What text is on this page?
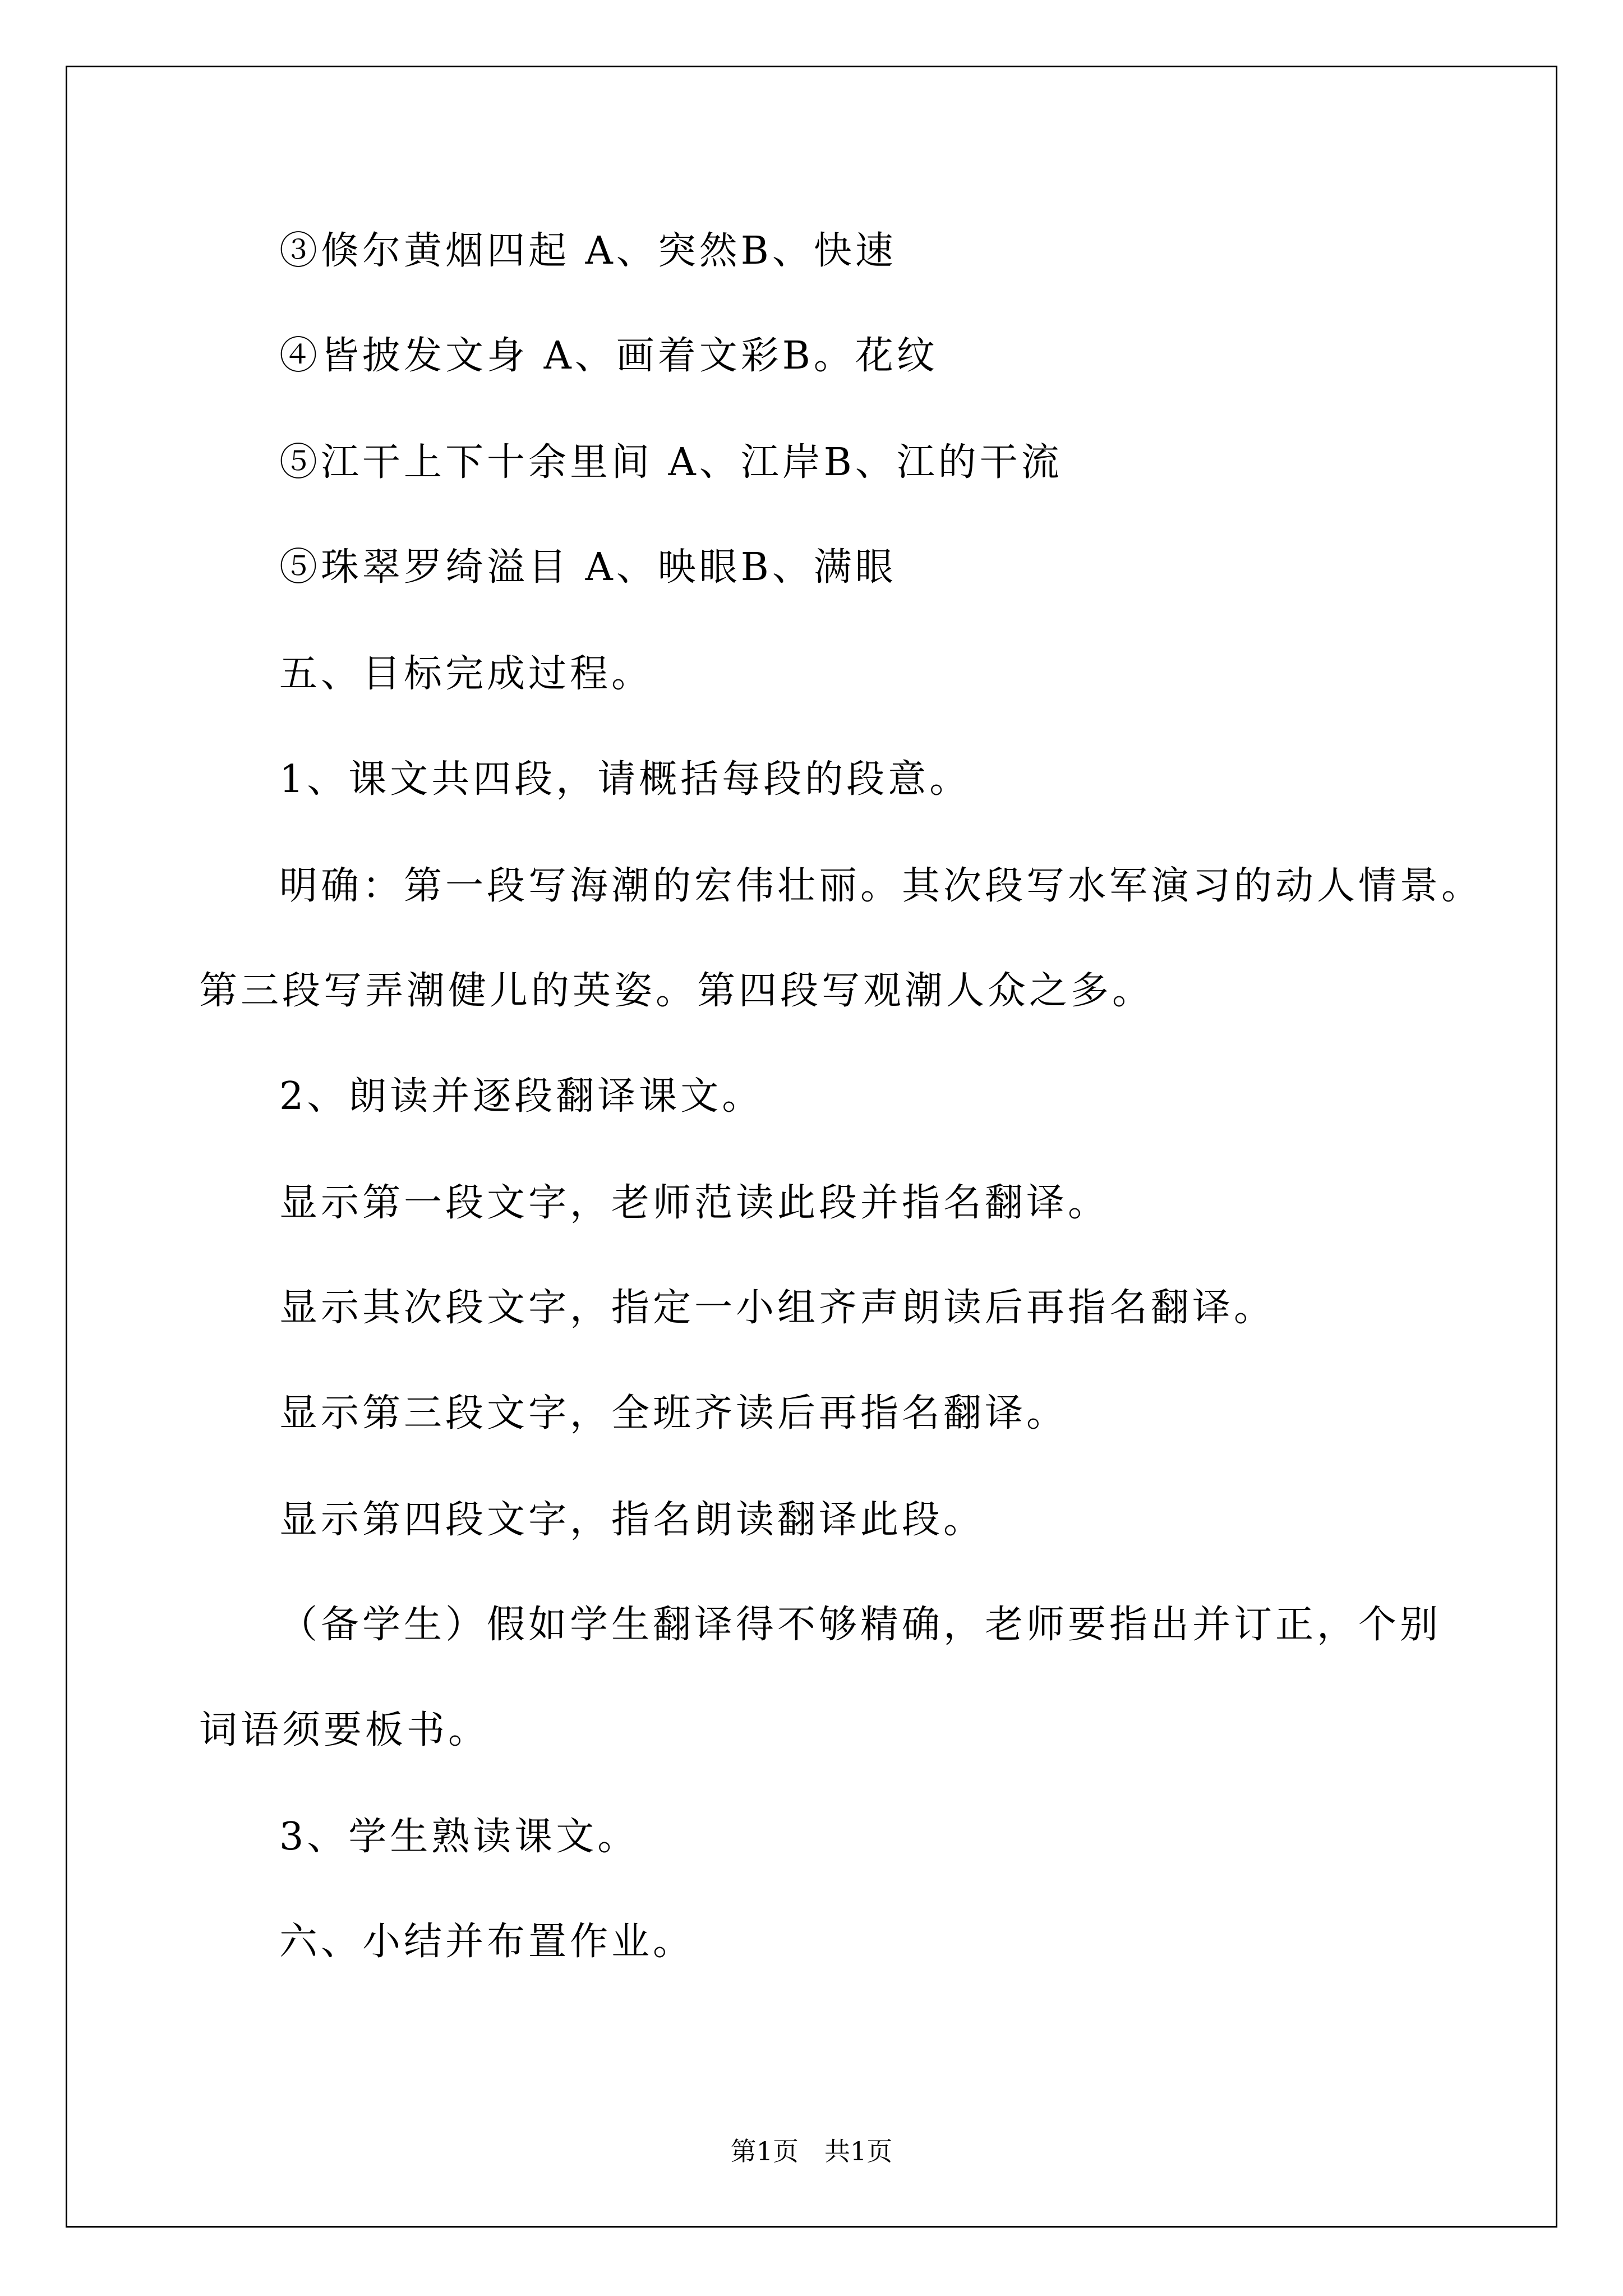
③倏尔黄烟四起 A、突然B、快速
④皆披发文身 A、画着文彩B。花纹
⑤江干上下十余里间 A、江岸B、江的干流
⑤珠翠罗绮溢目 A、映眼B、满眼
五、目标完成过程。
1、课文共四段，请概括每段的段意。
明确：第一段写海潮的宏伟壮丽。其次段写水军演习的动人情景。
第三段写弄潮健儿的英姿。第四段写观潮人众之多。
2、朗读并逐段翻译课文。
显示第一段文字，老师范读此段并指名翻译。
显示其次段文字，指定一小组齐声朗读后再指名翻译。
显示第三段文字，全班齐读后再指名翻译。
显示第四段文字，指名朗读翻译此段。
（备学生）假如学生翻译得不够精确，老师要指出并订正，个别
词语须要板书。
3、学生熟读课文。
六、小结并布置作业。
第1页　共1页
